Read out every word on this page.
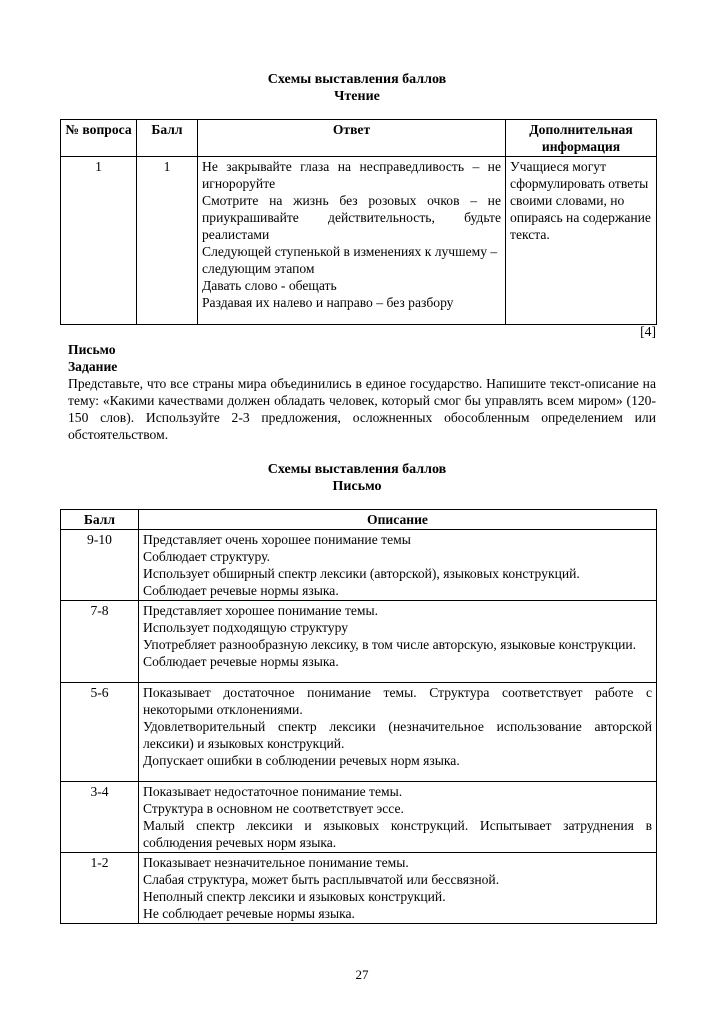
Схемы выставления баллов
Чтение
№ вопроса	Балл	Ответ	Дополнительная информация
1	1	Не закрывайте глаза на несправедливость – не игнорoруйте
Смотрите на жизнь без розовых очков – не приукрашивайте действительность, будьте реалистами
Следующей ступенькой в изменениях к лучшему – следующим этапом
Давать слово - обещать
Раздавая их налево и направо – без разбору	Учащиеся могут сформулировать ответы своими словами, но опираясь на содержание текста.
[4]
Письмо
Задание
Представьте, что все страны мира объединились в единое государство. Напишите текст-описание на тему: «Какими качествами должен обладать человек, который смог бы управлять всем миром» (120-150 слов). Используйте 2-3 предложения, осложненных обособленным определением или обстоятельством.
Схемы выставления баллов
Письмо
Балл	Описание
9-10	Представляет очень хорошее понимание темы
Соблюдает структуру.
Использует обширный спектр лексики (авторской), языковых конструкций.
Соблюдает речевые нормы языка.

7-8	Представляет хорошее понимание темы.
Использует подходящую структуру
Употребляет разнообразную лексику, в том числе авторскую, языковые конструкции.
Соблюдает речевые нормы языка.

5-6	Показывает достаточное понимание темы. Структура соответствует работе с некоторыми отклонениями.
Удовлетворительный спектр лексики (незначительное использование авторской лексики) и языковых конструкций.
Допускает ошибки в соблюдении речевых норм языка.

3-4	Показывает недостаточное понимание темы.
Структура в основном не соответствует эссе.
Малый спектр лексики и языковых конструкций. Испытывает затруднения в соблюдения речевых норм языка.

1-2	Показывает незначительное понимание темы.
Слабая структура, может быть расплывчатой или бессвязной.
Неполный спектр лексики и языковых конструкций.
Не соблюдает речевые нормы языка.
27
